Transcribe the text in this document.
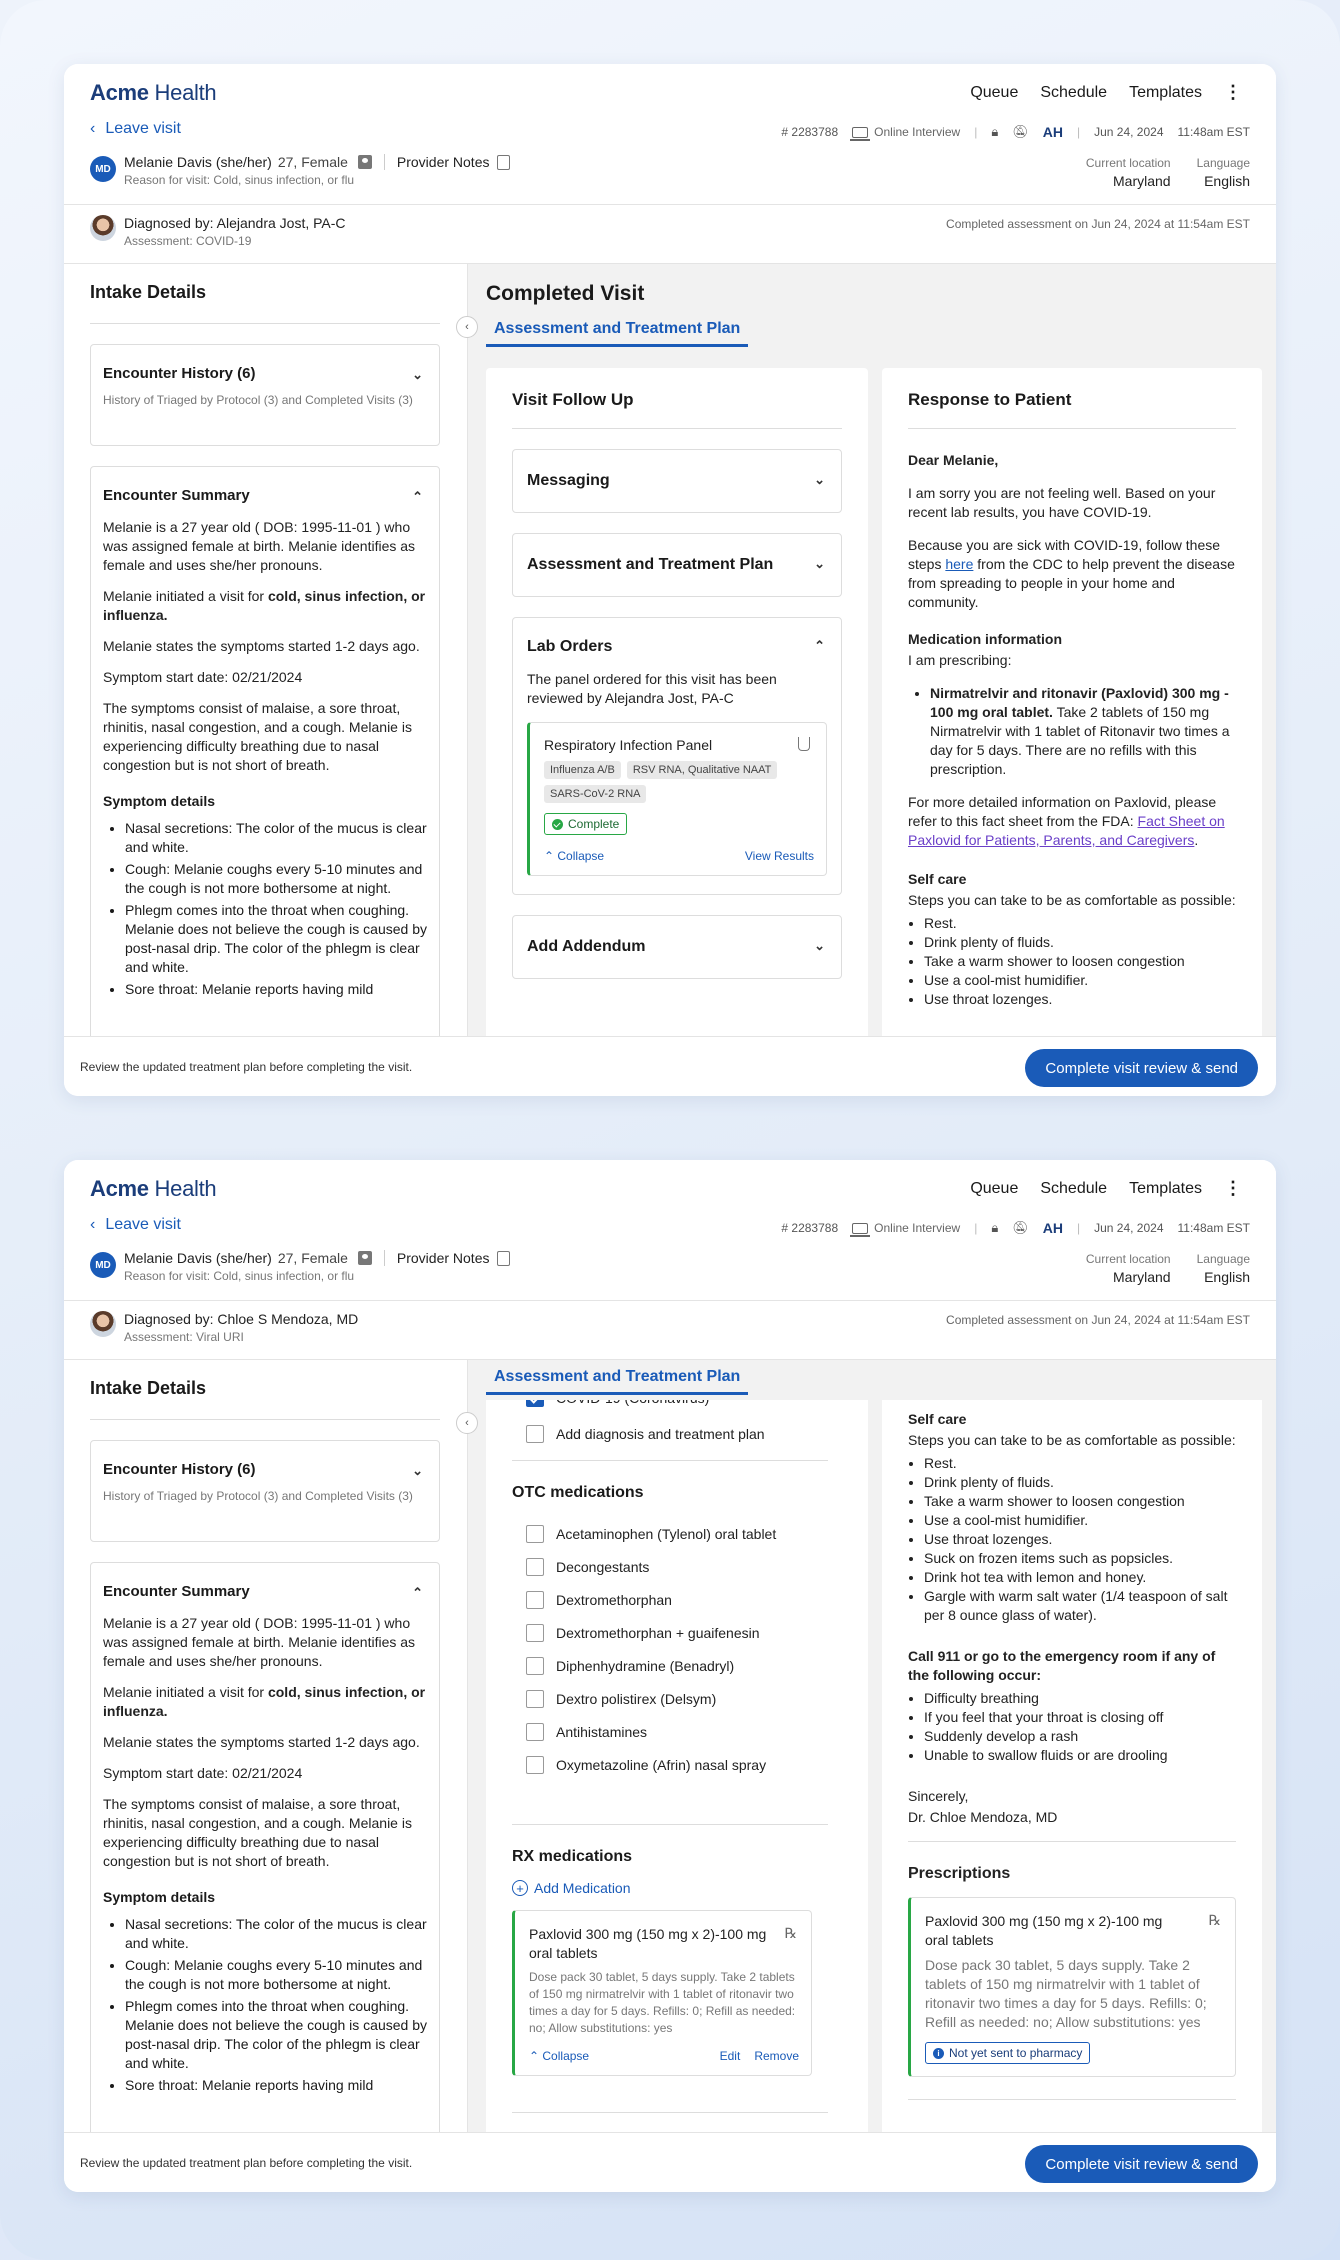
Acme Health	Queue Schedule Templates ⋮
‹ Leave visit	# 2283788	Online Interview | 🔒︎ 🔕︎ AH | Jun 24, 2024 11:48am EST
MD Melanie Davis (she/her) 27, Female	Provider Notes
Reason for visit: Cold, sinus infection, or flu
Current location
Maryland
Language
English
Diagnosed by: Alejandra Jost, PA-C
Assessment: COVID-19
Completed assessment on Jun 24, 2024 at 11:54am EST
Intake Details
Encounter History (6)	⌄
History of Triaged by Protocol (3) and Completed Visits (3)
Encounter Summary	⌃

Melanie is a 27 year old ( DOB: 1995-11-01 ) who was assigned female at birth. Melanie identifies as female and uses she/her pronouns.

Melanie initiated a visit for cold, sinus infection, or influenza.

Melanie states the symptoms started 1-2 days ago.

Symptom start date: 02/21/2024

The symptoms consist of malaise, a sore throat, rhinitis, nasal congestion, and a cough. Melanie is experiencing difficulty breathing due to nasal congestion but is not short of breath.

Symptom details
• Nasal secretions: The color of the mucus is clear and white.
• Cough: Melanie coughs every 5-10 minutes and the cough is not more bothersome at night.
• Phlegm comes into the throat when coughing. Melanie does not believe the cough is caused by post-nasal drip. The color of the phlegm is clear and white.
• Sore throat: Melanie reports having mild
‹
Completed Visit
Assessment and Treatment Plan
Visit Follow Up
Messaging	⌄
Assessment and Treatment Plan	⌄
Lab Orders	⌃

The panel ordered for this visit has been reviewed by Alejandra Jost, PA-C

Respiratory Infection Panel
Influenza A/B	RSV RNA, Qualitative NAAT
SARS-CoV-2 RNA
Complete
⌃ Collapse	View Results
Add Addendum	⌄
Response to Patient

Dear Melanie,

I am sorry you are not feeling well. Based on your recent lab results, you have COVID-19.

Because you are sick with COVID-19, follow these steps here from the CDC to help prevent the disease from spreading to people in your home and community.

Medication information

I am prescribing:

• Nirmatrelvir and ritonavir (Paxlovid) 300 mg - 100 mg oral tablet. Take 2 tablets of 150 mg Nirmatrelvir with 1 tablet of Ritonavir two times a day for 5 days. There are no refills with this prescription.

For more detailed information on Paxlovid, please refer to this fact sheet from the FDA: Fact Sheet on Paxlovid for Patients, Parents, and Caregivers.

Self care

Steps you can take to be as comfortable as possible:

• Rest.
• Drink plenty of fluids.
• Take a warm shower to loosen congestion
• Use a cool-mist humidifier.
• Use throat lozenges.
Review the updated treatment plan before completing the visit.	Complete visit review & send
Acme Health	Queue Schedule Templates ⋮
‹ Leave visit	# 2283788	Online Interview | 🔒︎ 🔕︎ AH | Jun 24, 2024 11:48am EST
MD Melanie Davis (she/her) 27, Female	Provider Notes
Reason for visit: Cold, sinus infection, or flu
Current location
Maryland
Language
English
Diagnosed by: Chloe S Mendoza, MD
Assessment: Viral URI
Completed assessment on Jun 24, 2024 at 11:54am EST
Intake Details
Encounter History (6)	⌄
History of Triaged by Protocol (3) and Completed Visits (3)
Encounter Summary	⌃

Melanie is a 27 year old ( DOB: 1995-11-01 ) who was assigned female at birth. Melanie identifies as female and uses she/her pronouns.

Melanie initiated a visit for cold, sinus infection, or influenza.

Melanie states the symptoms started 1-2 days ago.

Symptom start date: 02/21/2024

The symptoms consist of malaise, a sore throat, rhinitis, nasal congestion, and a cough. Melanie is experiencing difficulty breathing due to nasal congestion but is not short of breath.

Symptom details
• Nasal secretions: The color of the mucus is clear and white.
• Cough: Melanie coughs every 5-10 minutes and the cough is not more bothersome at night.
• Phlegm comes into the throat when coughing. Melanie does not believe the cough is caused by post-nasal drip. The color of the phlegm is clear and white.
• Sore throat: Melanie reports having mild
‹
Add diagnosis and treatment plan
OTC medications
Acetaminophen (Tylenol) oral tablet
Decongestants
Dextromethorphan
Dextromethorphan + guaifenesin
Diphenhydramine (Benadryl)
Dextro polistirex (Delsym)
Antihistamines
Oxymetazoline (Afrin) nasal spray
RX medications
+ Add Medication
Paxlovid 300 mg (150 mg x 2)-100 mg oral tablets
℞
Dose pack 30 tablet, 5 days supply. Take 2 tablets of 150 mg nirmatrelvir with 1 tablet of ritonavir two times a day for 5 days. Refills: 0; Refill as needed: no; Allow substitutions: yes
⌃ Collapse	Edit Remove
Assessment and Treatment Plan

Self care

Steps you can take to be as comfortable as possible:

• Rest.
• Drink plenty of fluids.
• Take a warm shower to loosen congestion
• Use a cool-mist humidifier.
• Use throat lozenges.
• Suck on frozen items such as popsicles.
• Drink hot tea with lemon and honey.
• Gargle with warm salt water (1/4 teaspoon of salt per 8 ounce glass of water).

Call 911 or go to the emergency room if any of the following occur:

• Difficulty breathing
• If you feel that your throat is closing off
• Suddenly develop a rash
• Unable to swallow fluids or are drooling

Sincerely,

Dr. Chloe Mendoza, MD

Prescriptions

Paxlovid 300 mg (150 mg x 2)-100 mg oral tablets
℞
Dose pack 30 tablet, 5 days supply. Take 2 tablets of 150 mg nirmatrelvir with 1 tablet of ritonavir two times a day for 5 days. Refills: 0; Refill as needed: no; Allow substitutions: yes
i Not yet sent to pharmacy
Review the updated treatment plan before completing the visit.	Complete visit review & send
